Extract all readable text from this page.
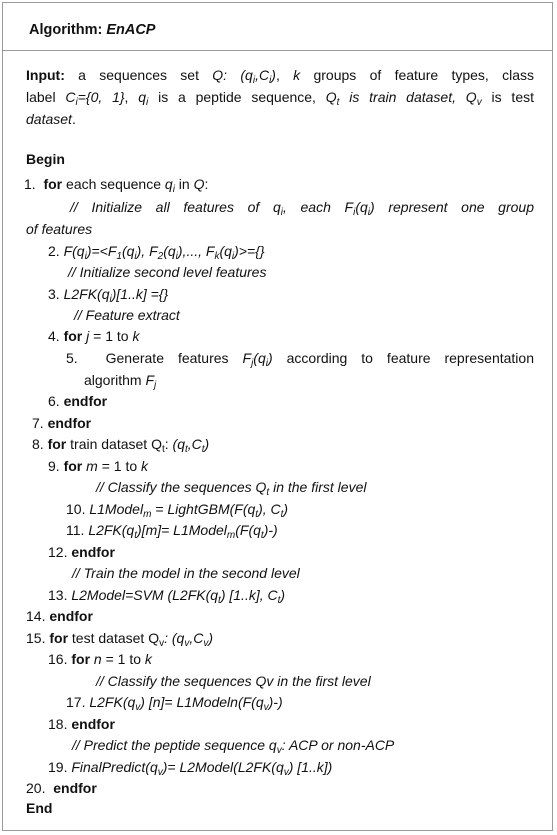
Algorithm: EnACP
Input: a sequences set Q: $(q_i,C_i)$, k groups of feature types, class
label $C_i=\{0$, 1}, $q_i$ is a peptide sequence, $Q_t$ is train dataset, $Q_v$ is test
dataset.
Begin
1.  for each sequence $q_i$ in Q:
// Initialize all features of $q_i$, each $F_i(q_i)$ represent one group
of features
2. $F(q_i)=<F_1(q_i)$, $F_2(q_i)$,..., $F_k(q_i)>=\{\}$
// Initialize second level features
3. $L2FK(q_i)[1..k]$ ={}
// Feature extract
4. for j = 1 to k
5.  Generate features $F_j(q_i)$ according to feature representation
algorithm $F_j$
6. endfor
7. endfor
8. for train dataset $Q_t$: $(q_t,C_t)$
9. for m = 1 to k
// Classify the sequences $Q_t$ in the first level
10. L1Model$_m$ = $LightGBM(F(q_t)$, $C_t$)
11. $L2FK(q_t)[m]=$ $L1Model_m(F(q_t)-)$
12. endfor
// Train the model in the second level
13. L2Model=SVM ($L2FK(q_t)$ [1..k], $C_t$)
14. endfor
15. for test dataset $Q_v$: $(q_v,C_v)$
16. for n = 1 to k
// Classify the sequences Qv in the first level
17. $L2FK(q_v)$ $[n]= L1Modeln(F(q_v)-)$
18. endfor
// Predict the peptide sequence $q_v$: ACP or non-ACP
19. $FinalPredict(q_v)=$ $L2Model(L2FK(q_v)$ [1..k])
20.  endfor
End
